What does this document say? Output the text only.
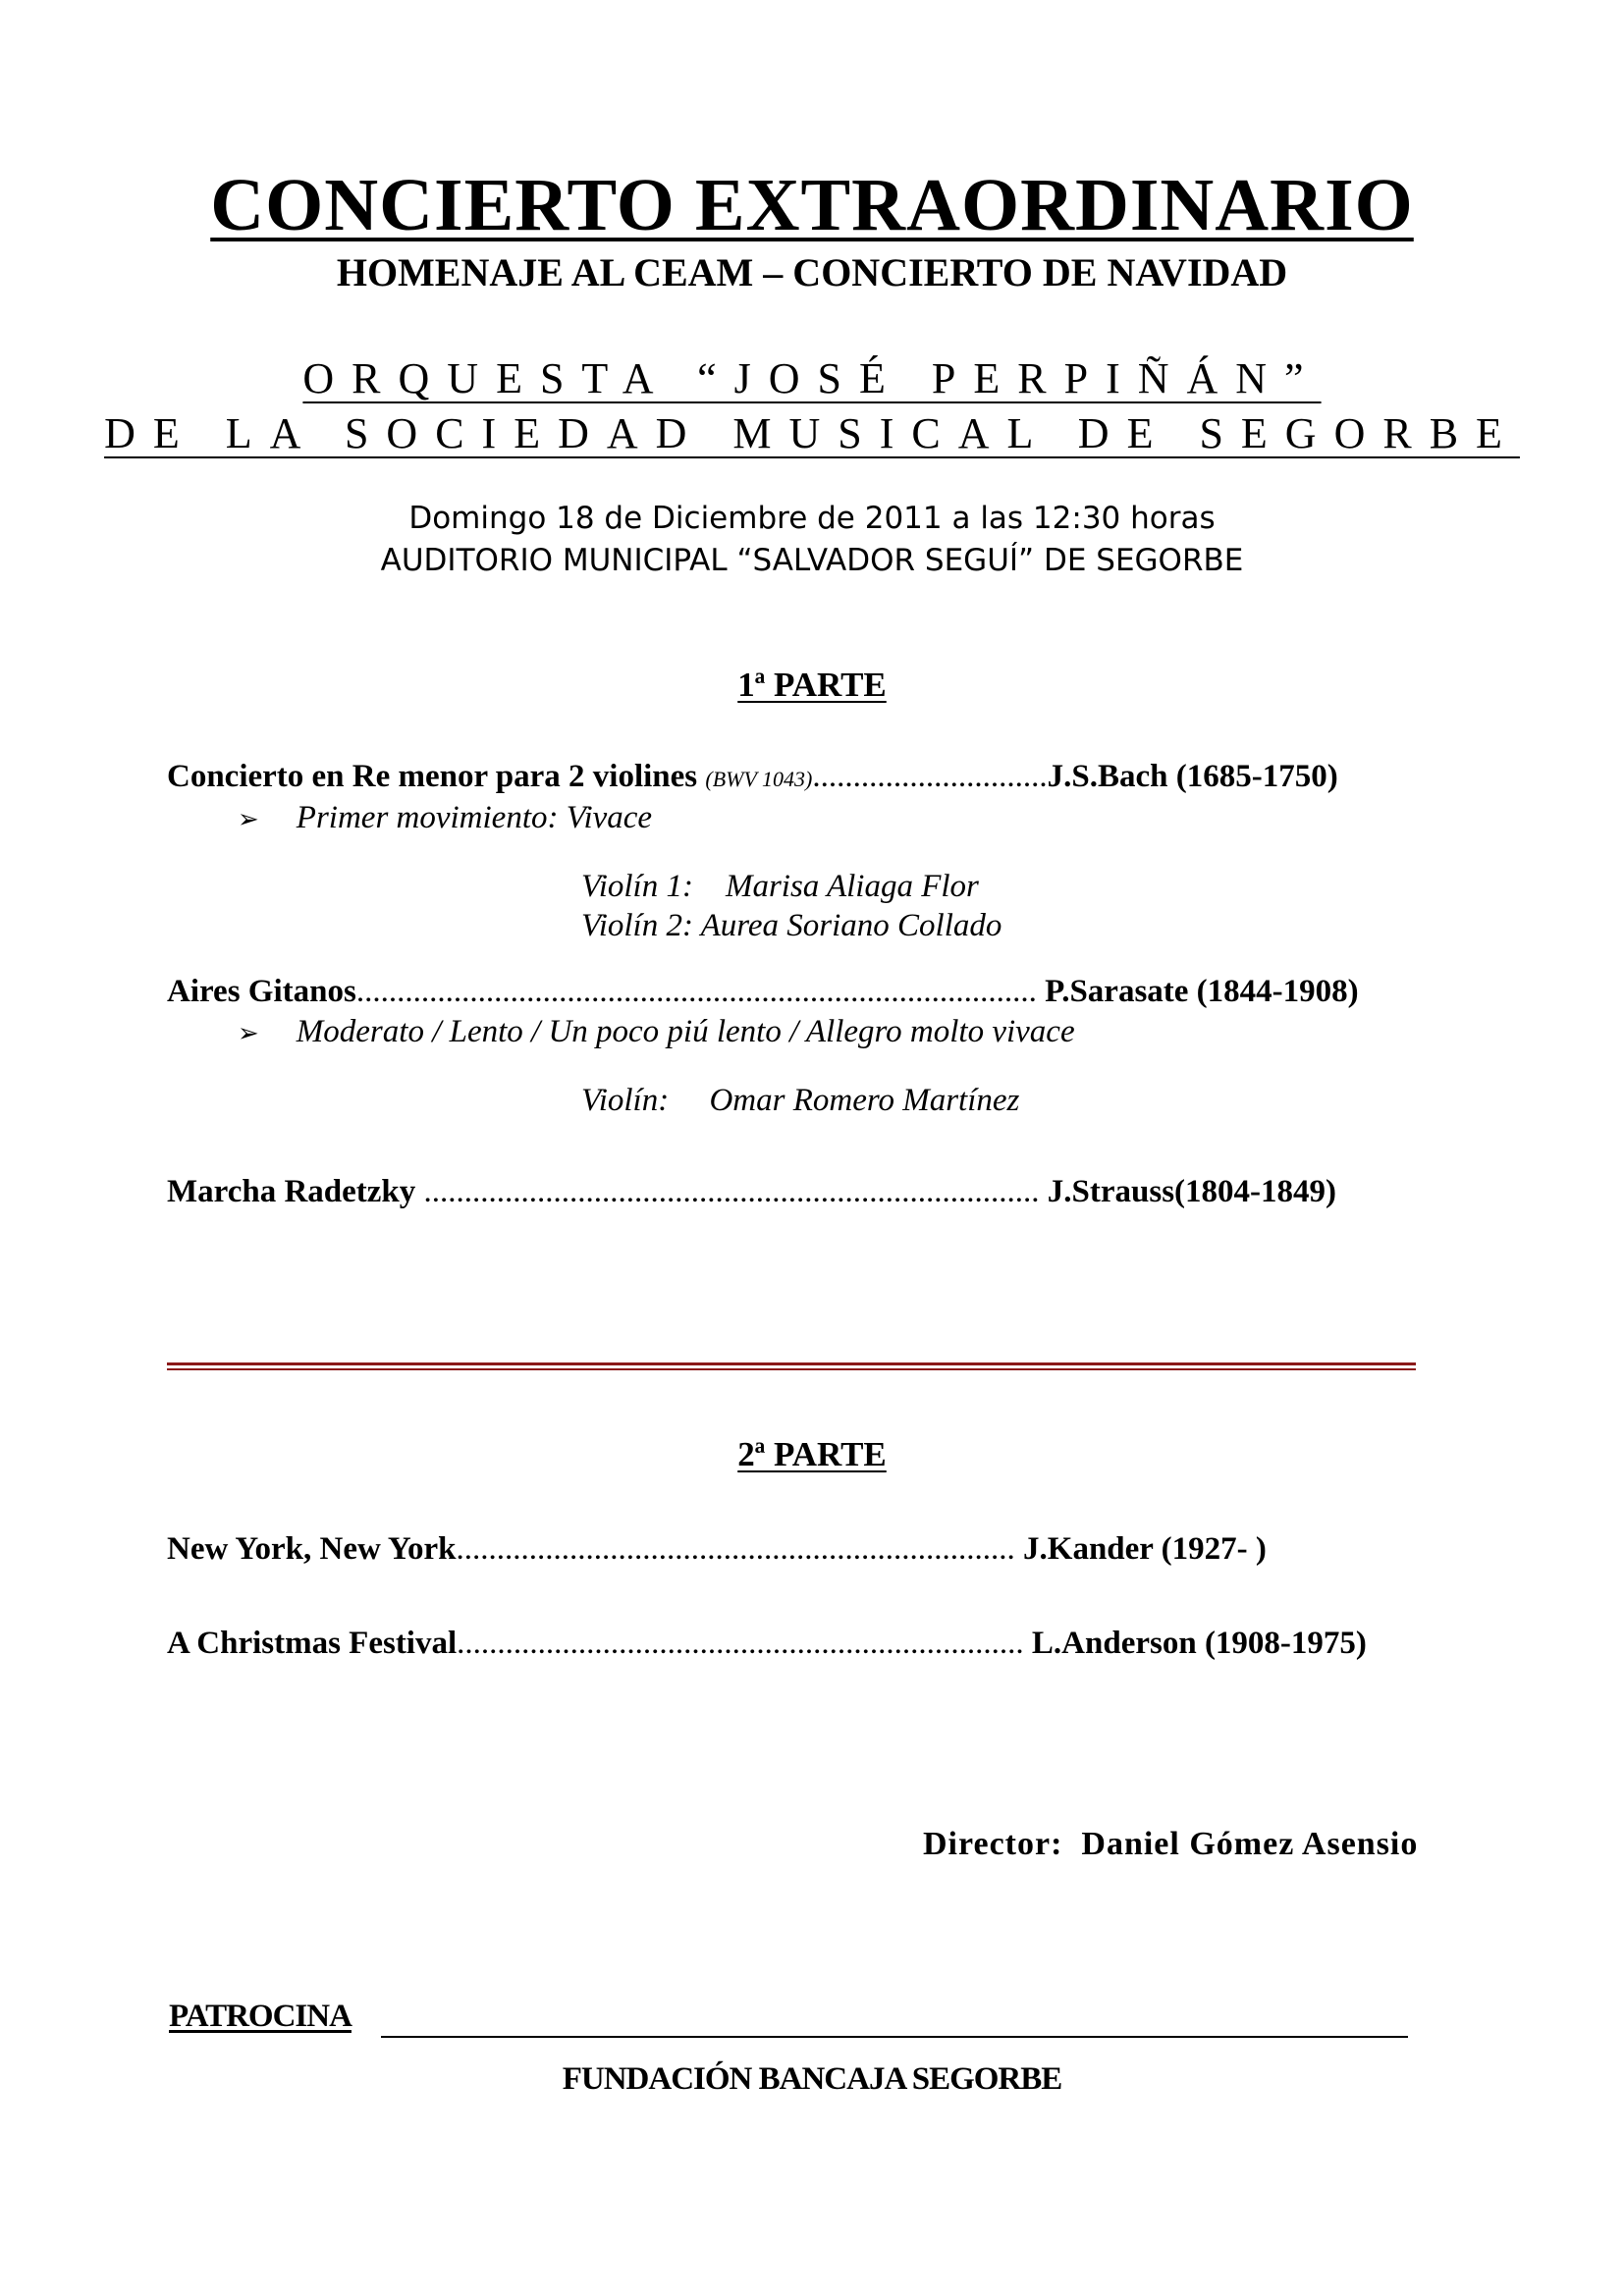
CONCIERTO EXTRAORDINARIO
HOMENAJE AL CEAM – CONCIERTO DE NAVIDAD
ORQUESTA “JOSÉ PERPIÑÁN”
DE LA SOCIEDAD MUSICAL DE SEGORBE
Domingo 18 de Diciembre de 2011 a las 12:30 horas
AUDITORIO MUNICIPAL “SALVADOR SEGUÍ” DE SEGORBE
1ª PARTE
Concierto en Re menor para 2 violines (BWV 1043).............................J.S.Bach (1685-1750)
➢ Primer movimiento: Vivace
Violín 1:    Marisa Aliaga Flor
Violín 2: Aurea Soriano Collado
Aires Gitanos.................................................................................... P.Sarasate (1844-1908)
➢ Moderato / Lento / Un poco piú lento / Allegro molto vivace
Violín:     Omar Romero Martínez
Marcha Radetzky ............................................................................ J.Strauss(1804-1849)
2ª PARTE
New York, New York..................................................................... J.Kander (1927- )
A Christmas Festival...................................................................... L.Anderson (1908-1975)
Director:  Daniel Gómez Asensio
PATROCINA
FUNDACIÓN BANCAJA SEGORBE
